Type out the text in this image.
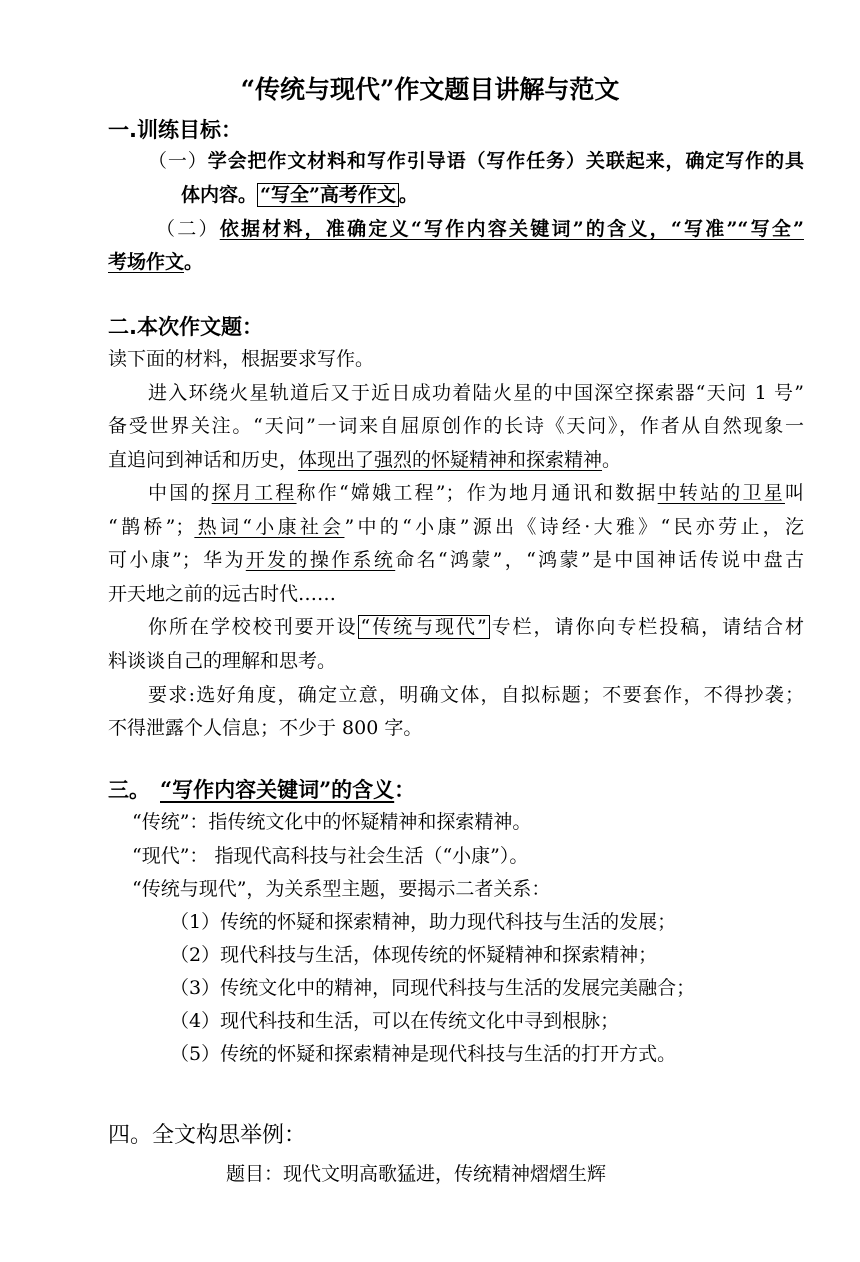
“传统与现代”作文题目讲解与范文
一.训练目标：
（一）学会把作文材料和写作引导语（写作任务）关联起来，确定写作的具
体内容。 “写全”高考作文 。
（二）依据材料，准确定义“写作内容关键词”的含义，“写准”“写全”
考场作文。
二.本次作文题：
读下面的材料，根据要求写作。
进入环绕火星轨道后又于近日成功着陆火星的中国深空探索器“天问 1 号”
备受世界关注。“天问”一词来自屈原创作的长诗《天问》，作者从自然现象一
直追问到神话和历史，体现出了强烈的怀疑精神和探索精神。
中国的探月工程称作“嫦娥工程”；作为地月通讯和数据中转站的卫星叫
“鹊桥”；热词“小康社会”中的“小康”源出《诗经·大雅》“民亦劳止，汔
可小康”；华为开发的操作系统命名“鸿蒙”，“鸿蒙”是中国神话传说中盘古
开天地之前的远古时代……
你所在学校校刊要开设 “传统与现代” 专栏，请你向专栏投稿，请结合材
料谈谈自己的理解和思考。
要求:选好角度，确定立意，明确文体，自拟标题；不要套作，不得抄袭；
不得泄露个人信息；不少于 800 字。
三。 “写作内容关键词”的含义：
“传统”：指传统文化中的怀疑精神和探索精神。
“现代”： 指现代高科技与社会生活（“小康”）。
“传统与现代”，为关系型主题，要揭示二者关系：
（1）传统的怀疑和探索精神，助力现代科技与生活的发展；
（2）现代科技与生活，体现传统的怀疑精神和探索精神；
（3）传统文化中的精神，同现代科技与生活的发展完美融合；
（4）现代科技和生活，可以在传统文化中寻到根脉；
（5）传统的怀疑和探索精神是现代科技与生活的打开方式。
四。全文构思举例：
题目：现代文明高歌猛进，传统精神熠熠生辉
